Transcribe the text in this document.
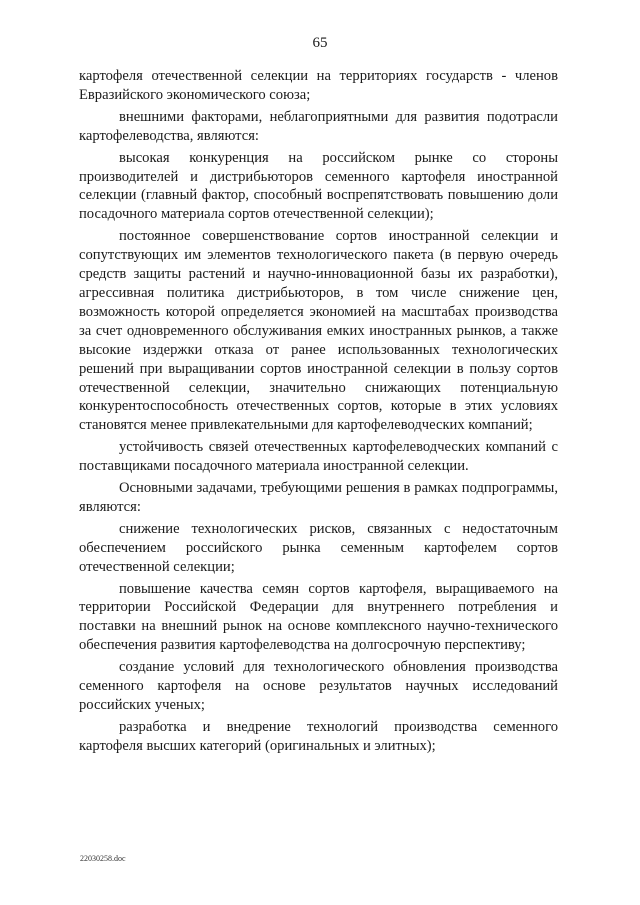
65

картофеля отечественной селекции на территориях государств - членов Евразийского экономического союза;

внешними факторами, неблагоприятными для развития подотрасли картофелеводства, являются:

высокая конкуренция на российском рынке со стороны производителей и дистрибьюторов семенного картофеля иностранной селекции (главный фактор, способный воспрепятствовать повышению доли посадочного материала сортов отечественной селекции);

постоянное совершенствование сортов иностранной селекции и сопутствующих им элементов технологического пакета (в первую очередь средств защиты растений и научно-инновационной базы их разработки), агрессивная политика дистрибьюторов, в том числе снижение цен, возможность которой определяется экономией на масштабах производства за счет одновременного обслуживания емких иностранных рынков, а также высокие издержки отказа от ранее использованных технологических решений при выращивании сортов иностранной селекции в пользу сортов отечественной селекции, значительно снижающих потенциальную конкурентоспособность отечественных сортов, которые в этих условиях становятся менее привлекательными для картофелеводческих компаний;

устойчивость связей отечественных картофелеводческих компаний с поставщиками посадочного материала иностранной селекции.

Основными задачами, требующими решения в рамках подпрограммы, являются:

снижение технологических рисков, связанных с недостаточным обеспечением российского рынка семенным картофелем сортов отечественной селекции;

повышение качества семян сортов картофеля, выращиваемого на территории Российской Федерации для внутреннего потребления и поставки на внешний рынок на основе комплексного научно-технического обеспечения развития картофелеводства на долгосрочную перспективу;

создание условий для технологического обновления производства семенного картофеля на основе результатов научных исследований российских ученых;

разработка и внедрение технологий производства семенного картофеля высших категорий (оригинальных и элитных);

22030258.doc
